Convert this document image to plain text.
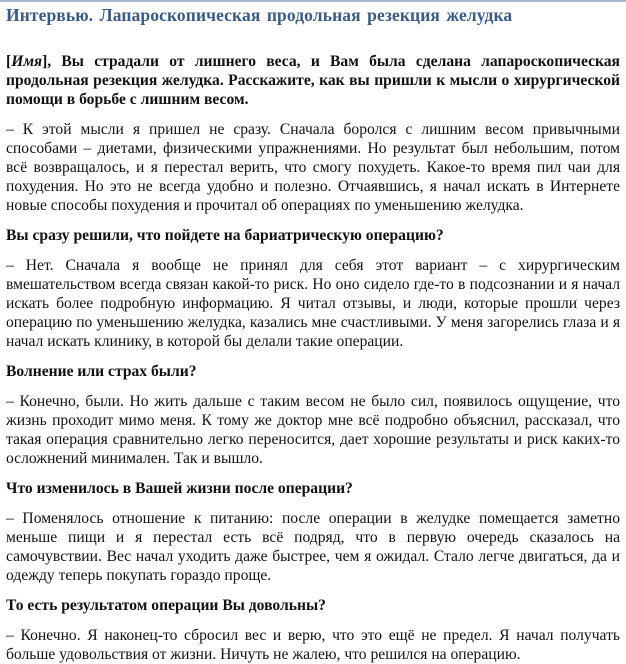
Интервью. Лапароскопическая продольная резекция желудка

[Имя], Вы страдали от лишнего веса, и Вам была сделана лапароскопическая продольная резекция желудка. Расскажите, как вы пришли к мысли о хирургической помощи в борьбе с лишним весом.

– К этой мысли я пришел не сразу. Сначала боролся с лишним весом привычными способами – диетами, физическими упражнениями. Но результат был небольшим, потом всё возвращалось, и я перестал верить, что смогу похудеть. Какое-то время пил чаи для похудения. Но это не всегда удобно и полезно. Отчаявшись, я начал искать в Интернете новые способы похудения и прочитал об операциях по уменьшению желудка.

Вы сразу решили, что пойдете на бариатрическую операцию?

– Нет. Сначала я вообще не принял для себя этот вариант – с хирургическим вмешательством всегда связан какой-то риск. Но оно сидело где-то в подсознании и я начал искать более подробную информацию. Я читал отзывы, и люди, которые прошли через операцию по уменьшению желудка, казались мне счастливыми. У меня загорелись глаза и я начал искать клинику, в которой бы делали такие операции.

Волнение или страх были?

– Конечно, были. Но жить дальше с таким весом не было сил, появилось ощущение, что жизнь проходит мимо меня. К тому же доктор мне всё подробно объяснил, рассказал, что такая операция сравнительно легко переносится, дает хорошие результаты и риск каких-то осложнений минимален. Так и вышло.

Что изменилось в Вашей жизни после операции?

– Поменялось отношение к питанию: после операции в желудке помещается заметно меньше пищи и я перестал есть всё подряд, что в первую очередь сказалось на самочувствии. Вес начал уходить даже быстрее, чем я ожидал. Стало легче двигаться, да и одежду теперь покупать гораздо проще.

То есть результатом операции Вы довольны?

– Конечно. Я наконец-то сбросил вес и верю, что это ещё не предел. Я начал получать больше удовольствия от жизни. Ничуть не жалею, что решился на операцию.
